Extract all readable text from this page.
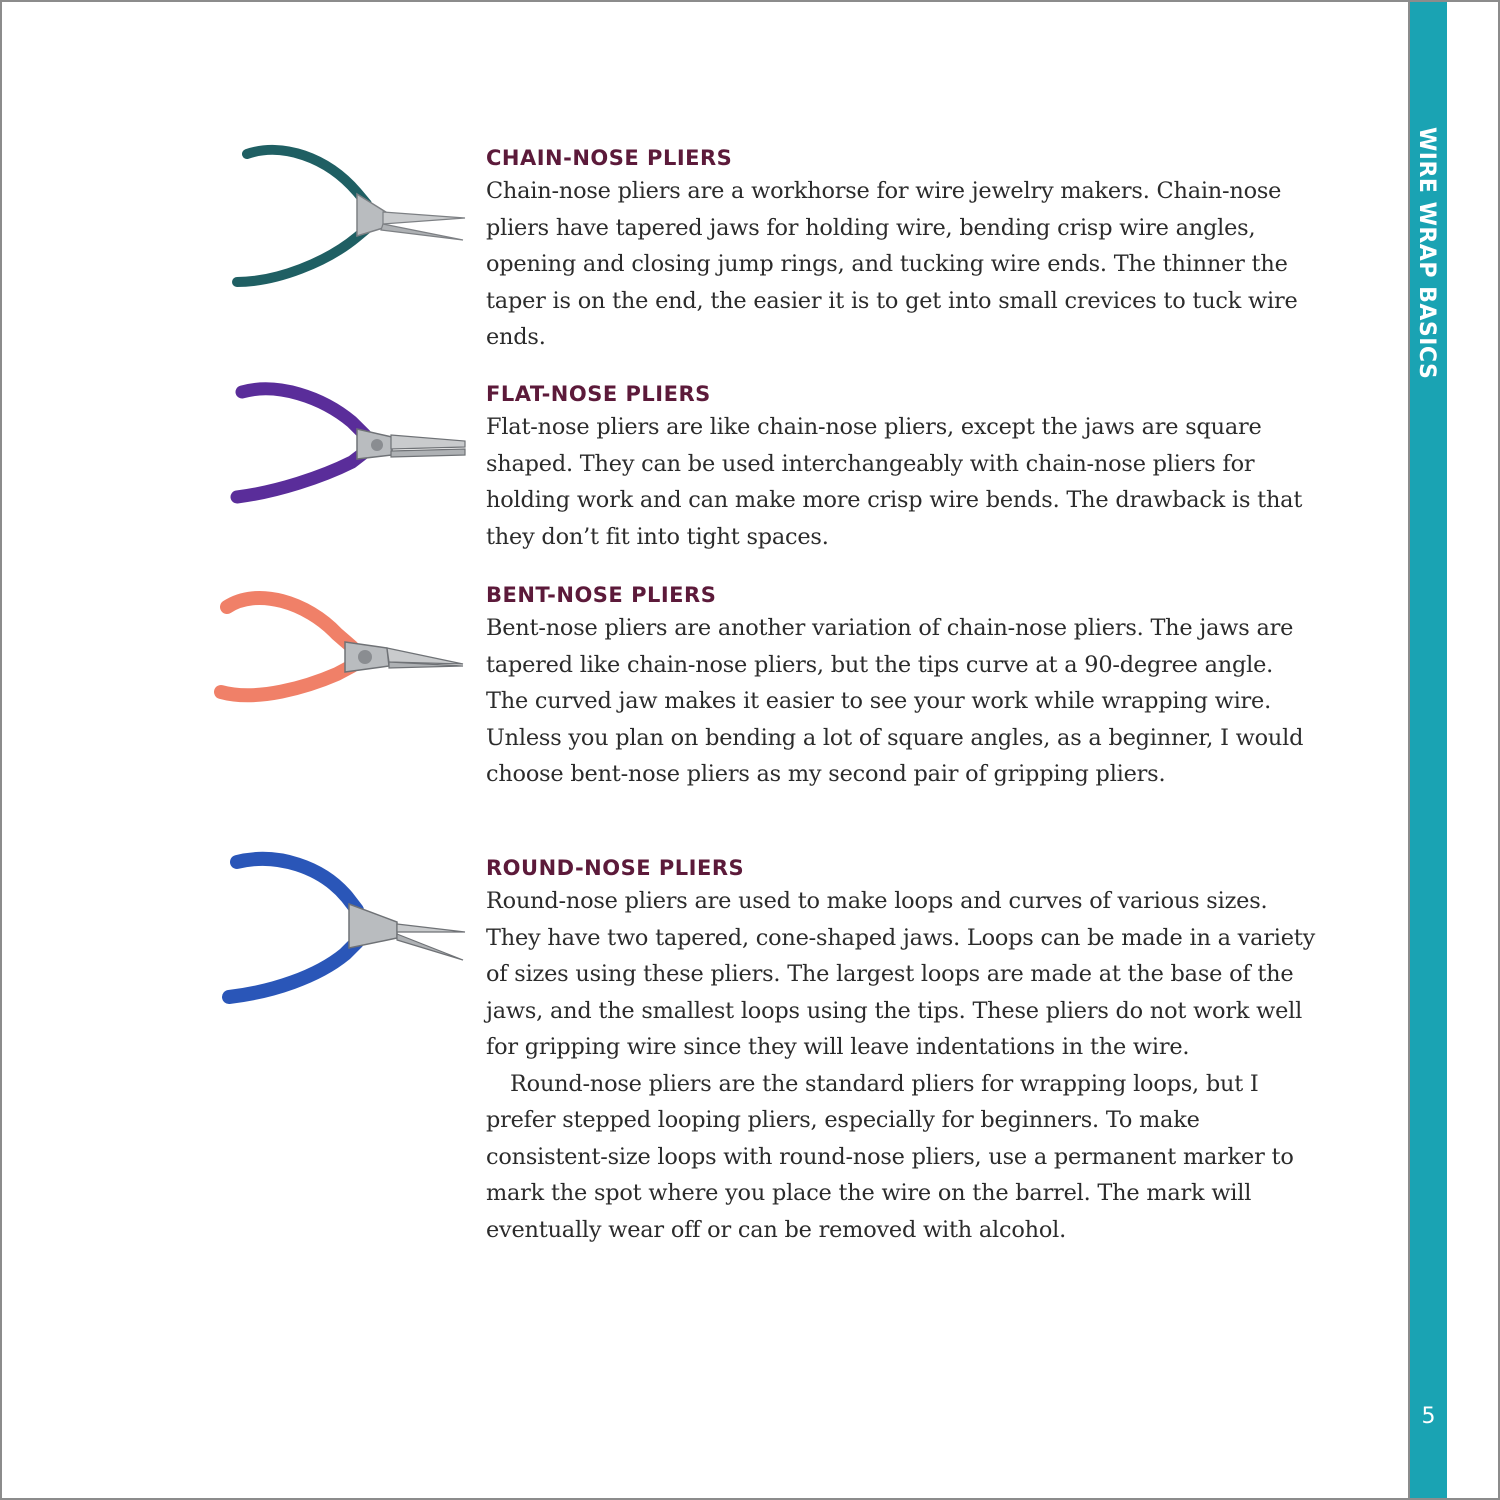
CHAIN-NOSE PLIERS

Chain-nose pliers are a workhorse for wire jewelry makers. Chain-nose pliers have tapered jaws for holding wire, bending crisp wire angles, opening and closing jump rings, and tucking wire ends. The thinner the taper is on the end, the easier it is to get into small crevices to tuck wire ends.

FLAT-NOSE PLIERS

Flat-nose pliers are like chain-nose pliers, except the jaws are square shaped. They can be used interchangeably with chain-nose pliers for holding work and can make more crisp wire bends. The drawback is that they don’t fit into tight spaces.

BENT-NOSE PLIERS

Bent-nose pliers are another variation of chain-nose pliers. The jaws are tapered like chain-nose pliers, but the tips curve at a 90-degree angle. The curved jaw makes it easier to see your work while wrapping wire. Unless you plan on bending a lot of square angles, as a beginner, I would choose bent-nose pliers as my second pair of gripping pliers.

ROUND-NOSE PLIERS

Round-nose pliers are used to make loops and curves of various sizes. They have two tapered, cone-shaped jaws. Loops can be made in a variety of sizes using these pliers. The largest loops are made at the base of the jaws, and the smallest loops using the tips. These pliers do not work well for gripping wire since they will leave indentations in the wire.

Round-nose pliers are the standard pliers for wrapping loops, but I prefer stepped looping pliers, especially for beginners. To make consistent-size loops with round-nose pliers, use a permanent marker to mark the spot where you place the wire on the barrel. The mark will eventually wear off or can be removed with alcohol.

WIRE WRAP BASICS
5
